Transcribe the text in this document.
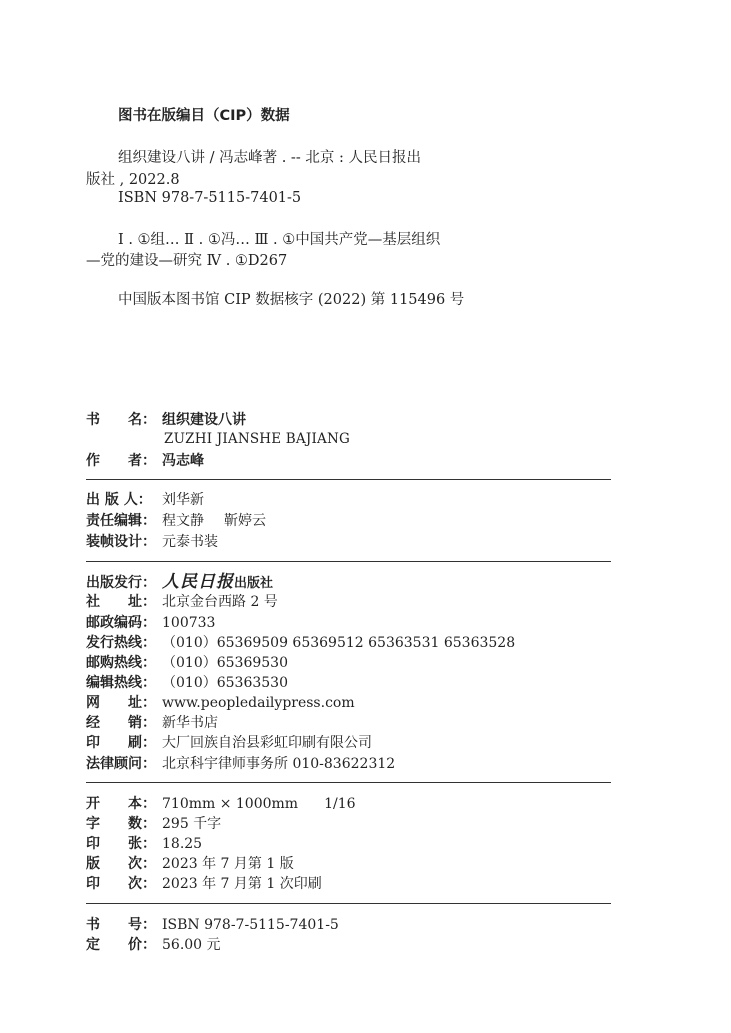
图书在版编目（CIP）数据
组织建设八讲 / 冯志峰著 . -- 北京 : 人民日报出
版社 , 2022.8
ISBN 978-7-5115-7401-5
Ⅰ . ①组… Ⅱ . ①冯… Ⅲ . ①中国共产党—基层组织
—党的建设—研究 Ⅳ . ①D267
中国版本图书馆 CIP 数据核字 (2022) 第 115496 号
书　　名： 组织建设八讲
ZUZHI JIANSHE BAJIANG
作　　者： 冯志峰
出 版 人： 刘华新
责任编辑： 程文静 靳婷云
装帧设计： 元泰书装
出版发行： 人民日报出版社
社　　址： 北京金台西路 2 号
邮政编码： 100733
发行热线： （010）65369509 65369512 65363531 65363528
邮购热线： （010）65369530
编辑热线： （010）65363530
网　　址： www.peopledailypress.com
经　　销： 新华书店
印　　刷： 大厂回族自治县彩虹印刷有限公司
法律顾问： 北京科宇律师事务所 010-83622312
开　　本： 710mm × 1000mm 1/16
字　　数： 295 千字
印　　张： 18.25
版　　次： 2023 年 7 月第 1 版
印　　次： 2023 年 7 月第 1 次印刷
书　　号： ISBN 978-7-5115-7401-5
定　　价： 56.00 元
